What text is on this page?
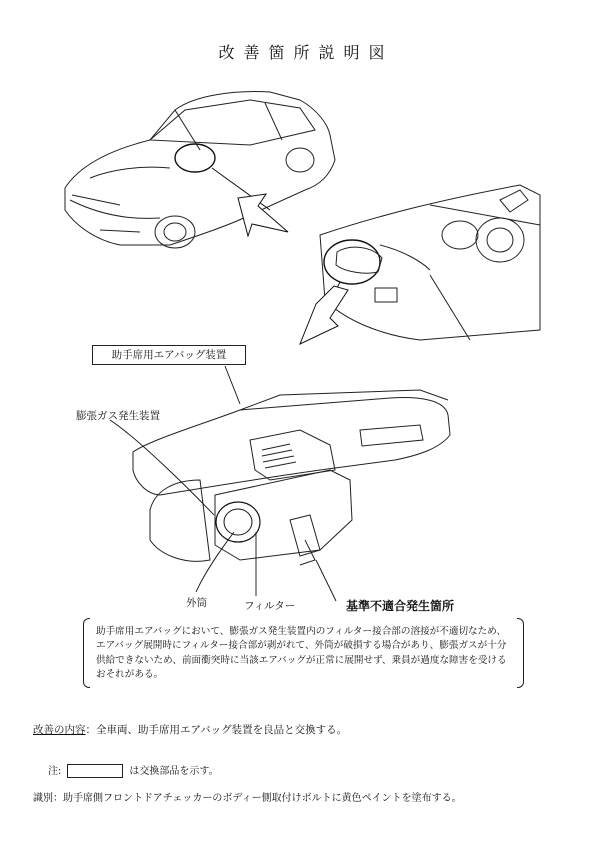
改善箇所説明図
助手席用エアバッグ装置
膨張ガス発生装置
外筒	フィルター	基準不適合発生箇所
助手席用エアバッグにおいて、膨張ガス発生装置内のフィルター接合部の溶接が不適切なため、エアバッグ展開時にフィルター接合部が剥がれて、外筒が破損する場合があり、膨張ガスが十分供給できないため、前面衝突時に当該エアバッグが正常に展開せず、乗員が過度な障害を受けるおそれがある。
改善の内容：全車両、助手席用エアバッグ装置を良品と交換する。
注:	は交換部品を示す。
識別：助手席側フロントドアチェッカーのボディー側取付けボルトに黄色ペイントを塗布する。
